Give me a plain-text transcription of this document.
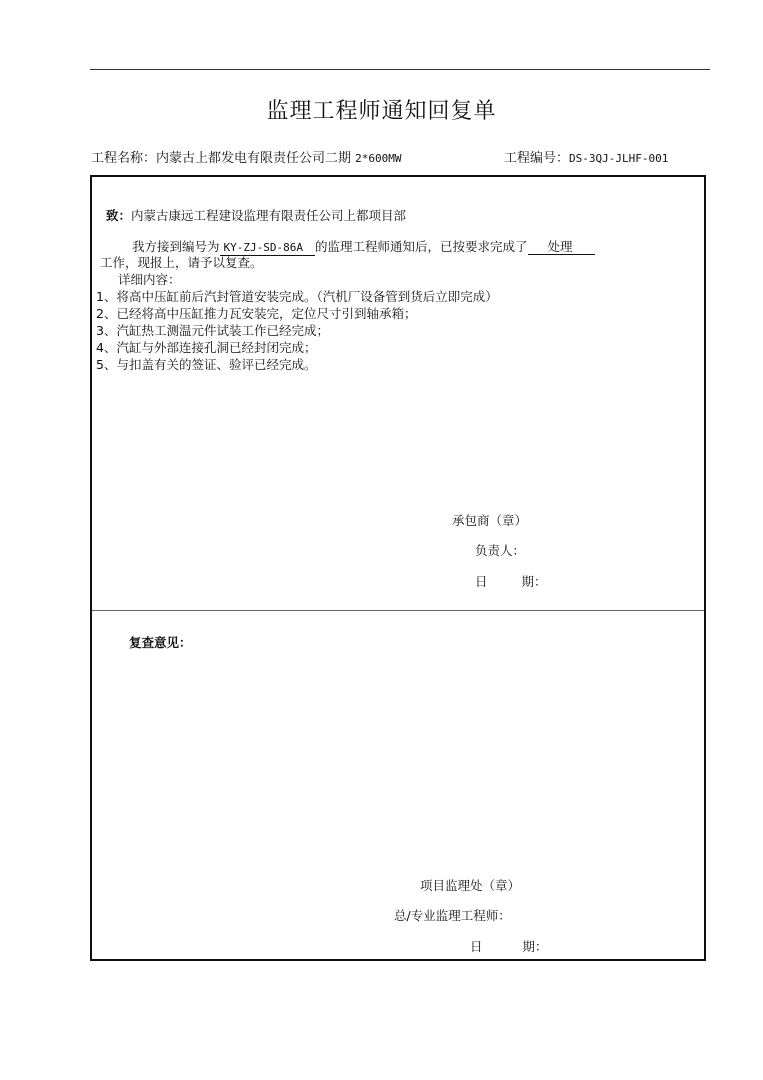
监理工程师通知回复单
工程名称：内蒙古上都发电有限责任公司二期 2*600MW	工程编号：DS-3QJ-JLHF-001
致：内蒙古康远工程建设监理有限责任公司上都项目部
我方接到编号为 KY-ZJ-SD-86A 的监理工程师通知后，已按要求完成了 处理
工作，现报上，请予以复查。
详细内容：
1、将高中压缸前后汽封管道安装完成。（汽机厂设备管到货后立即完成）
2、已经将高中压缸推力瓦安装完，定位尺寸引到轴承箱；
3、汽缸热工测温元件试装工作已经完成；
4、汽缸与外部连接孔洞已经封闭完成；
5、与扣盖有关的签证、验评已经完成。
承包商（章）
负责人：
日	期：
复查意见：
项目监理处（章）
总/专业监理工程师：
日	期：
